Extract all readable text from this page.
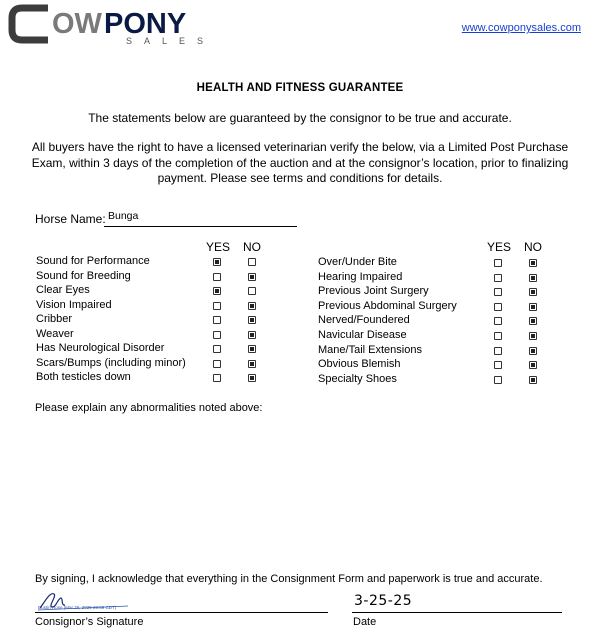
OW PONY
SALES
www.cowponysales.com
HEALTH AND FITNESS GUARANTEE
The statements below are guaranteed by the consignor to be true and accurate.
All buyers have the right to have a licensed veterinarian verify the below, via a Limited Post Purchase Exam, within 3 days of the completion of the auction and at the consignor’s location, prior to finalizing payment. Please see terms and conditions for details.
Horse Name: Bunga
YES NO	YES NO
Sound for Performance
Sound for Breeding
Clear Eyes
Vision Impaired
Cribber
Weaver
Has Neurological Disorder
Scars/Bumps (including minor)
Both testicles down
Over/Under Bite
Hearing Impaired
Previous Joint Surgery
Previous Abdominal Surgery
Nerved/Foundered
Navicular Disease
Mane/Tail Extensions
Obvious Blemish
Specialty Shoes
Please explain any abnormalities noted above:
By signing, I acknowledge that everything in the Consignment Form and paperwork is true and accurate.
Dustin Rose (Mar 26, 2025 20:59 CDT)
Consignor’s Signature
3-25-25
Date
